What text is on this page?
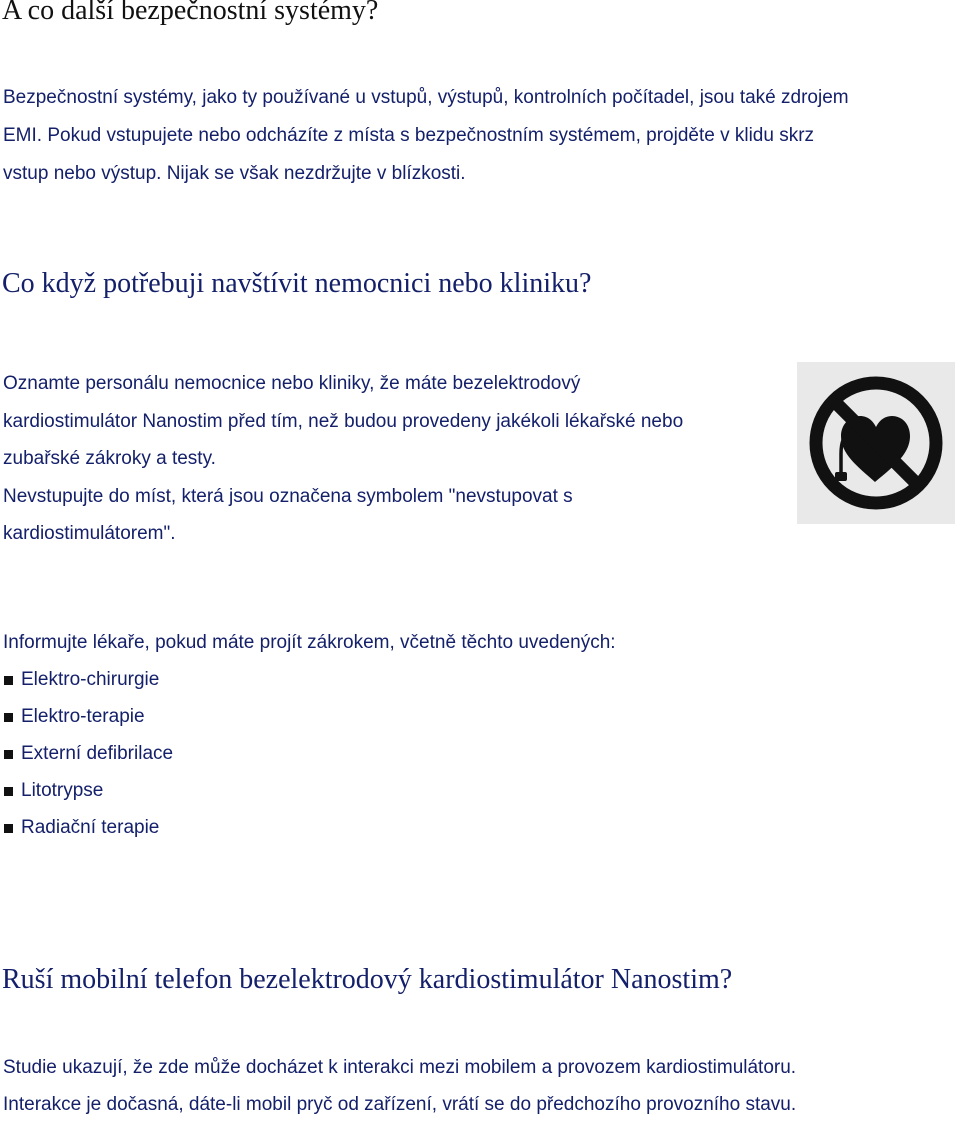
A co další bezpečnostní systémy?

Bezpečnostní systémy, jako ty používané u vstupů, výstupů, kontrolních počítadel, jsou také zdrojem
EMI. Pokud vstupujete nebo odcházíte z místa s bezpečnostním systémem, projděte v klidu skrz
vstup nebo výstup. Nijak se však nezdržujte v blízkosti.

Co když potřebuji navštívit nemocnici nebo kliniku?

Oznamte personálu nemocnice nebo kliniky, že máte bezelektrodový
kardiostimulátor Nanostim před tím, než budou provedeny jakékoli lékařské nebo
zubařské zákroky a testy.
Nevstupujte do míst, která jsou označena symbolem "nevstupovat s
kardiostimulátorem".

Informujte lékaře, pokud máte projít zákrokem, včetně těchto uvedených:
Elektro-chirurgie
Elektro-terapie
Externí defibrilace
Litotrypse
Radiační terapie
Ruší mobilní telefon bezelektrodový kardiostimulátor Nanostim?

Studie ukazují, že zde může docházet k interakci mezi mobilem a provozem kardiostimulátoru.
Interakce je dočasná, dáte-li mobil pryč od zařízení, vrátí se do předchozího provozního stavu.
